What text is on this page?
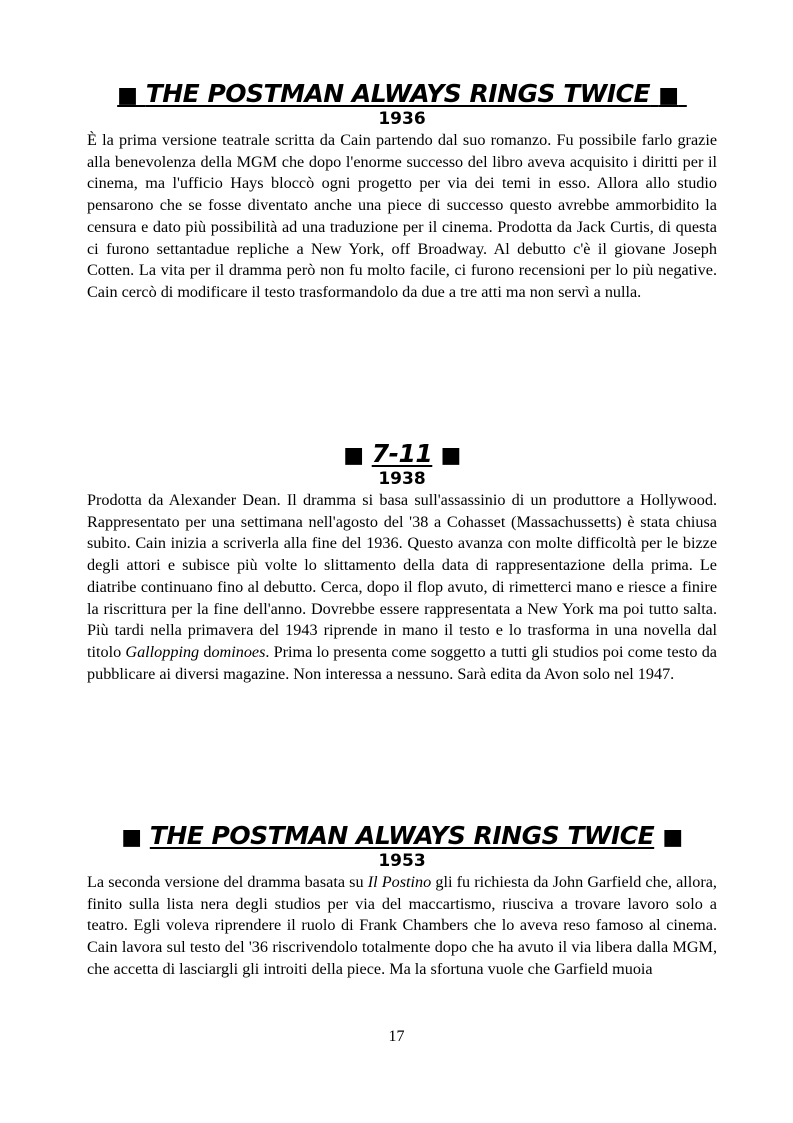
■ THE POSTMAN ALWAYS RINGS TWICE ■
1936

È la prima versione teatrale scritta da Cain partendo dal suo romanzo. Fu possibile farlo grazie alla benevolenza della MGM che dopo l'enorme successo del libro aveva acquisito i diritti per il cinema, ma l'ufficio Hays bloccò ogni progetto per via dei temi in esso. Allora allo studio pensarono che se fosse diventato anche una piece di successo questo avrebbe ammorbidito la censura e dato più possibilità ad una traduzione per il cinema. Prodotta da Jack Curtis, di questa ci furono settantadue repliche a New York, off Broadway. Al debutto c'è il giovane Joseph Cotten. La vita per il dramma però non fu molto facile, ci furono recensioni per lo più negative. Cain cercò di modificare il testo trasformandolo da due a tre atti ma non servì a nulla.

■ 7-11 ■
1938

Prodotta da Alexander Dean. Il dramma si basa sull'assassinio di un produttore a Hollywood. Rappresentato per una settimana nell'agosto del '38 a Cohasset (Massachussetts) è stata chiusa subito. Cain inizia a scriverla alla fine del 1936. Questo avanza con molte difficoltà per le bizze degli attori e subisce più volte lo slittamento della data di rappresentazione della prima. Le diatribe continuano fino al debutto. Cerca, dopo il flop avuto, di rimetterci mano e riesce a finire la riscrittura per la fine dell'anno. Dovrebbe essere rappresentata a New York ma poi tutto salta. Più tardi nella primavera del 1943 riprende in mano il testo e lo trasforma in una novella dal titolo Gallopping dominoes. Prima lo presenta come soggetto a tutti gli studios poi come testo da pubblicare ai diversi magazine. Non interessa a nessuno. Sarà edita da Avon solo nel 1947.

■ THE POSTMAN ALWAYS RINGS TWICE ■
1953

La seconda versione del dramma basata su Il Postino gli fu richiesta da John Garfield che, allora, finito sulla lista nera degli studios per via del maccartismo, riusciva a trovare lavoro solo a teatro. Egli voleva riprendere il ruolo di Frank Chambers che lo aveva reso famoso al cinema. Cain lavora sul testo del '36 riscrivendolo totalmente dopo che ha avuto il via libera dalla MGM, che accetta di lasciargli gli introiti della piece. Ma la sfortuna vuole che Garfield muoia

17
